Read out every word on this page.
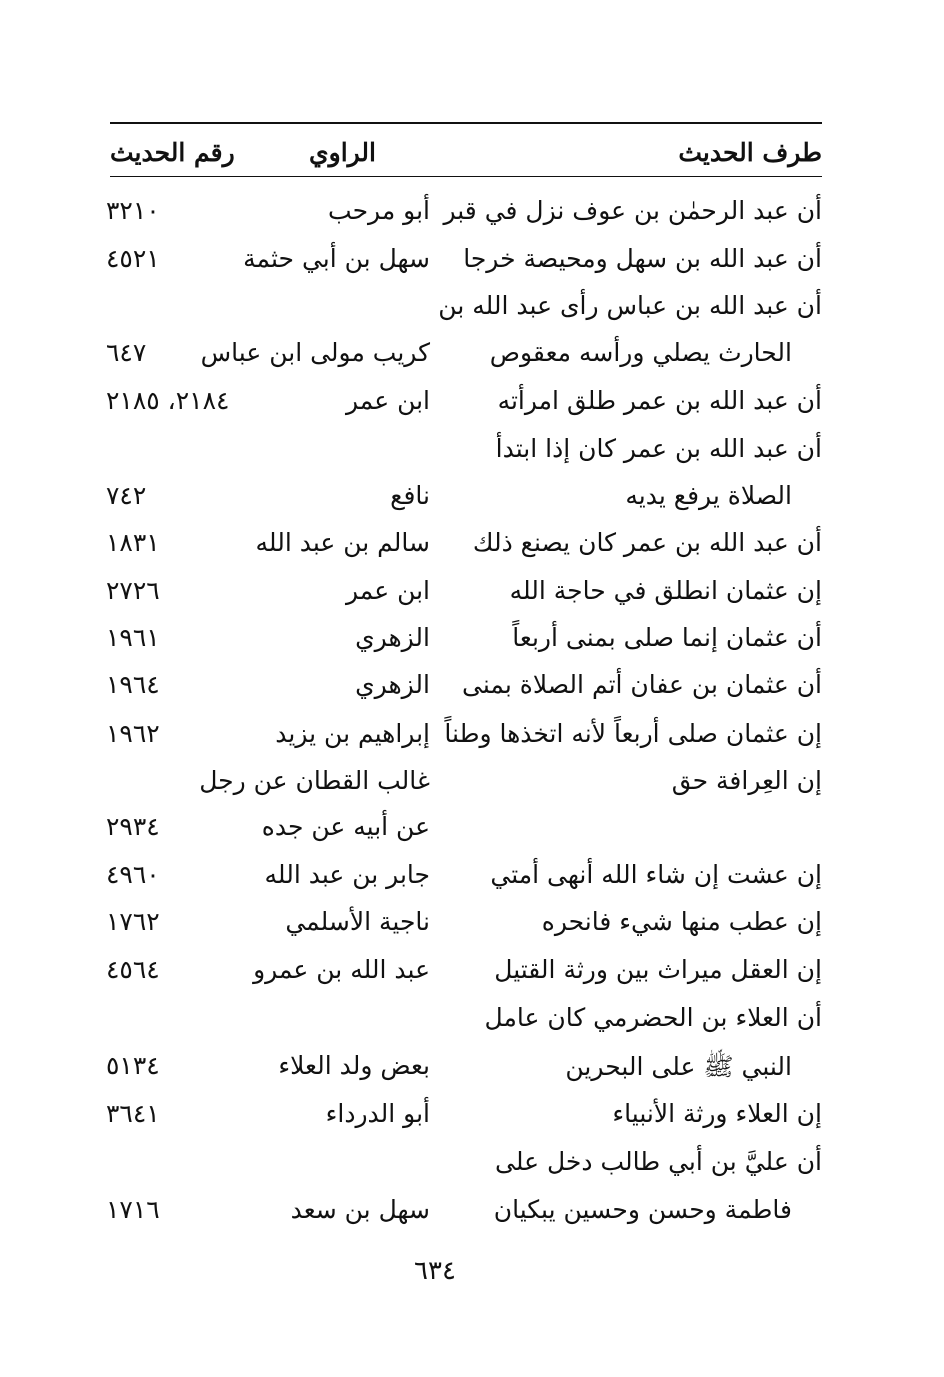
طرف الحديث
الراوي
رقم الحديث
أن عبد الرحمٰن بن عوف نزل في قبر
أبو مرحب
٣٢١٠
أن عبد الله بن سهل ومحيصة خرجا
سهل بن أبي حثمة
٤٥٢١
أن عبد الله بن عباس رأى عبد الله بن
الحارث يصلي ورأسه معقوص
كريب مولى ابن عباس
٦٤٧
أن عبد الله بن عمر طلق امرأته
ابن عمر
٢١٨٤، ٢١٨٥
أن عبد الله بن عمر كان إذا ابتدأ
الصلاة يرفع يديه
نافع
٧٤٢
أن عبد الله بن عمر كان يصنع ذلك
سالم بن عبد الله
١٨٣١
إن عثمان انطلق في حاجة الله
ابن عمر
٢٧٢٦
أن عثمان إنما صلى بمنى أربعاً
الزهري
١٩٦١
أن عثمان بن عفان أتم الصلاة بمنى
الزهري
١٩٦٤
إن عثمان صلى أربعاً لأنه اتخذها وطناً
إبراهيم بن يزيد
١٩٦٢
إن العِرافة حق
غالب القطان عن رجل
عن أبيه عن جده
٢٩٣٤
إن عشت إن شاء الله أنهى أمتي
جابر بن عبد الله
٤٩٦٠
إن عطب منها شيء فانحره
ناجية الأسلمي
١٧٦٢
إن العقل ميراث بين ورثة القتيل
عبد الله بن عمرو
٤٥٦٤
أن العلاء بن الحضرمي كان عامل
النبي ﷺ على البحرين
بعض ولد العلاء
٥١٣٤
إن العلاء ورثة الأنبياء
أبو الدرداء
٣٦٤١
أن عليَّ بن أبي طالب دخل على
فاطمة وحسن وحسين يبكيان
سهل بن سعد
١٧١٦
٦٣٤
